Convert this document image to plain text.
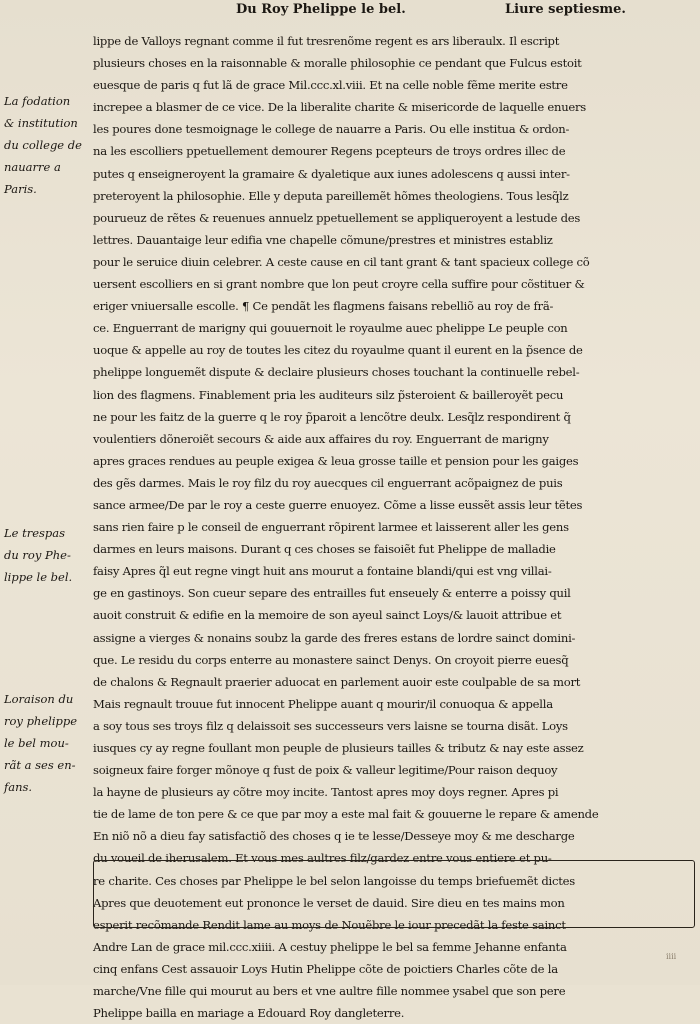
Du Roy Phelippe le bel.	Liure septiesme.
La fodation
& institution
du college de
nauarre a
Paris.
Le trespas
du roy Phe-
lippe le bel.
Loraison du
roy phelippe
le bel mou-
rãt a ses en-
fans.
lippe de Valloys regnant comme il fut tresrenõme regent es ars liberaulx. Il escript
plusieurs choses en la raisonnable & moralle philosophie ce pendant que Fulcus estoit
euesque de paris q fut lã de grace Mil.ccc.xl.viii. Et na celle noble fẽme merite estre
increpee a blasmer de ce vice. De la liberalite charite & misericorde de laquelle enuers
les poures done tesmoignage le college de nauarre a Paris. Ou elle institua & ordon-
na les escolliers ppetuellement demourer Regens pcepteurs de troys ordres illec de
putes q enseigneroyent la gramaire & dyaletique aux iunes adolescens q aussi inter-
preteroyent la philosophie. Elle y deputa pareillemẽt hõmes theologiens. Tous lesq̃lz
pourueuz de rẽtes & reuenues annuelz ppetuellement se appliqueroyent a lestude des
lettres. Dauantaige leur edifia vne chapelle cõmune/prestres et ministres establiz
pour le seruice diuin celebrer. A ceste cause en cil tant grant & tant spacieux college cõ
uersent escolliers en si grant nombre que lon peut croyre cella suffire pour cõstituer &
eriger vniuersalle escolle. ¶ Ce pendãt les flagmens faisans rebelliõ au roy de frã-
ce. Enguerrant de marigny qui gouuernoit le royaulme auec phelippe Le peuple con
uoque & appelle au roy de toutes les citez du royaulme quant il eurent en la p̃sence de
phelippe longuemẽt dispute & declaire plusieurs choses touchant la continuelle rebel-
lion des flagmens. Finablement pria les auditeurs silz p̃steroient & bailleroyẽt pecu
ne pour les faitz de la guerre q le roy p̃paroit a lencõtre deulx. Lesq̃lz respondirent q̃
voulentiers dõneroiẽt secours & aide aux affaires du roy. Enguerrant de marigny
apres graces rendues au peuple exigea & leua grosse taille et pension pour les gaiges
des gẽs darmes. Mais le roy filz du roy auecques cil enguerrant acõpaignez de puis
sance armee/De par le roy a ceste guerre enuoyez. Cõme a lisse eussẽt assis leur tẽtes
sans rien faire p le conseil de enguerrant rõpirent larmee et laisserent aller les gens
darmes en leurs maisons. Durant q ces choses se faisoiẽt fut Phelippe de malladie
faisy Apres q̃l eut regne vingt huit ans mourut a fontaine blandi/qui est vng villai-
ge en gastinoys. Son cueur separe des entrailles fut enseuely & enterre a poissy quil
auoit construit & edifie en la memoire de son ayeul sainct Loys/& lauoit attribue et
assigne a vierges & nonains soubz la garde des freres estans de lordre sainct domini-
que. Le residu du corps enterre au monastere sainct Denys. On croyoit pierre euesq̃
de chalons & Regnault praerier aduocat en parlement auoir este coulpable de sa mort
Mais regnault trouue fut innocent Phelippe auant q mourir/il conuoqua & appella
a soy tous ses troys filz q delaissoit ses successeurs vers laisne se tourna disãt. Loys
iusques cy ay regne foullant mon peuple de plusieurs tailles & tributz & nay este assez
soigneux faire forger mõnoye q fust de poix & valleur legitime/Pour raison dequoy
la hayne de plusieurs ay cõtre moy incite. Tantost apres moy doys regner. Apres pi
tie de lame de ton pere & ce que par moy a este mal fait & gouuerne le repare & amende
En niõ nõ a dieu fay satisfactiõ des choses q ie te lesse/Desseye moy & me descharge
du voueil de iherusalem. Et vous mes aultres filz/gardez entre vous entiere et pu-
re charite. Ces choses par Phelippe le bel selon langoisse du temps briefuemẽt dictes
Apres que deuotement eut prononce le verset de dauid. Sire dieu en tes mains mon
esperit recõmande Rendit lame au moys de Nouẽbre le iour precedãt la feste sainct
Andre Lan de grace mil.ccc.xiiii. A cestuy phelippe le bel sa femme Jehanne enfanta
cinq enfans Cest assauoir Loys Hutin Phelippe cõte de poictiers Charles cõte de la
marche/Vne fille qui mourut au bers et vne aultre fille nommee ysabel que son pere
Phelippe bailla en mariage a Edouard Roy dangleterre.
iiii
